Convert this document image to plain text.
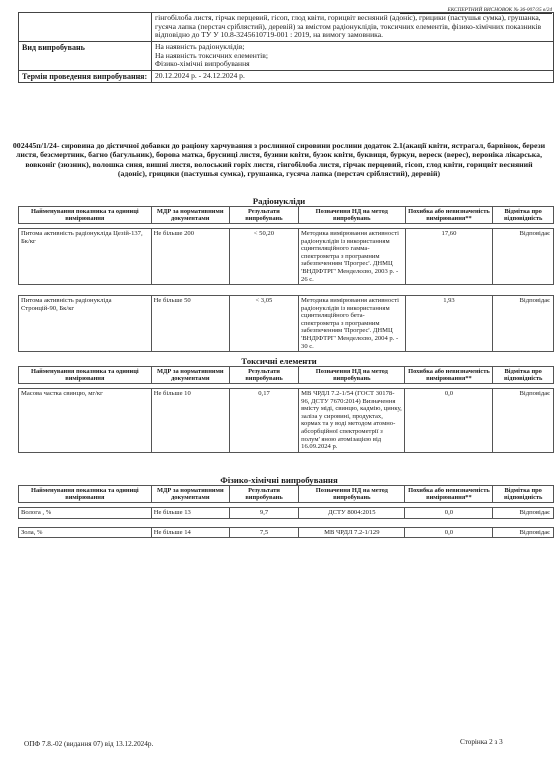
ЕКСПЕРТНИЙ ВИСНОВОК № 36-007/35 в/24
	гінгобілоба листя, гірчак перцевий, гісоп, глод квіти, горицвіт весняний (адоніс), грицики (пастушья сумка), грушанка, гусяча лапка (перстач сріблястий), деревій) за вмістом радіонуклідів, токсичних елементів, фізико-хімічних показників відповідно до ТУ У 10.8-3245610719-001 : 2019, на вимогу замовника.
Вид випробувань	На наявність радіонуклідів;
На наявність токсичних елементів;
Фізико-хімічні випробування

Термін проведення випробування:	20.12.2024 р. - 24.12.2024 р.
002445п/1/24- сировина до дієтичної добавки до раціону харчування з рослинної сировини рослини додаток 2.1(акації квіти, ястрагал, барвінок, берези листя, безсмертник, багно (багульник), борова матка, брусниці листя, бузини квіти, бузок квіти, буквиця, буркун, вереск (верес), вероніка лікарська, вовконіг (зюзник), волошка синя, вишні листя, волоський горіх листя, гінгобілоба листя, гірчак перцевий, гісоп, глод квіти, горицвіт весняний (адоніс), грицики (пастушья сумка), грушанка, гусяча лапка (перстач сріблястий), деревій)
Радіонукліди
Найменування показника та одиниці вимірювання	МДР за нормативними документами	Результати випробувань	Позначення НД на метод випробувань	Похибка або невизначеність вимірювання**	Відмітка про відповідність

Питома активність радіонукліда Цезій-137, Бк/кг	Не більше 200	< 50,20	Методика вимірювання активності радіонуклідів із використанням сцинтиляційного гамма-спектрометра з програмним забезпеченням 'Прогрес'. ДНМЦ 'ВНДІФТРГ' Менделєєво, 2003 р. - 26 с.	17,60	Відповідає

Питома активність радіонукліда Стронцій-90, Бк/кг	Не більше 50	< 3,05	Методика вимірювання активності радіонуклідів із використанням сцинтиляційного бета-спектрометра з програмним забезпеченням 'Прогрес'. ДНМЦ 'ВНДІФТРГ' Менделєєво, 2004 р. - 30 с.	1,93	Відповідає
Токсичні елементи
Найменування показника та одиниці вимірювання	МДР за нормативними документами	Результати випробувань	Позначення НД на метод випробувань	Похибка або невизначеність вимірювання**	Відмітка про відповідність

Масова частка свинцю, мг/кг	Не більше 10	0,17	МВ ЧРДЛ 7.2-1/54 (ГОСТ 30178-96, ДСТУ 7670:2014) Визначення вмісту міді, свинцю, кадмію, цинку, заліза у сировині, продуктах, кормах та у воді методом атомно-абсорбційної спектрометрії з полум' яною атомізацією від 16.09.2024 р.	0,0	Відповідає
Фізико-хімічні випробування
Найменування показника та одиниці вимірювання	МДР за нормативними документами	Результати випробувань	Позначення НД на метод випробувань	Похибка або невизначеність вимірювання**	Відмітка про відповідність

Волога , %	Не більше 13	9,7	ДСТУ 8004:2015	0,0	Відповідає

Зола, %	Не більше 14	7,5	МВ ЧРДЛ 7.2-1/129	0,0	Відповідає
ОПФ 7.8.-02 (видання 07) від 13.12.2024р.	Сторінка 2 з 3
